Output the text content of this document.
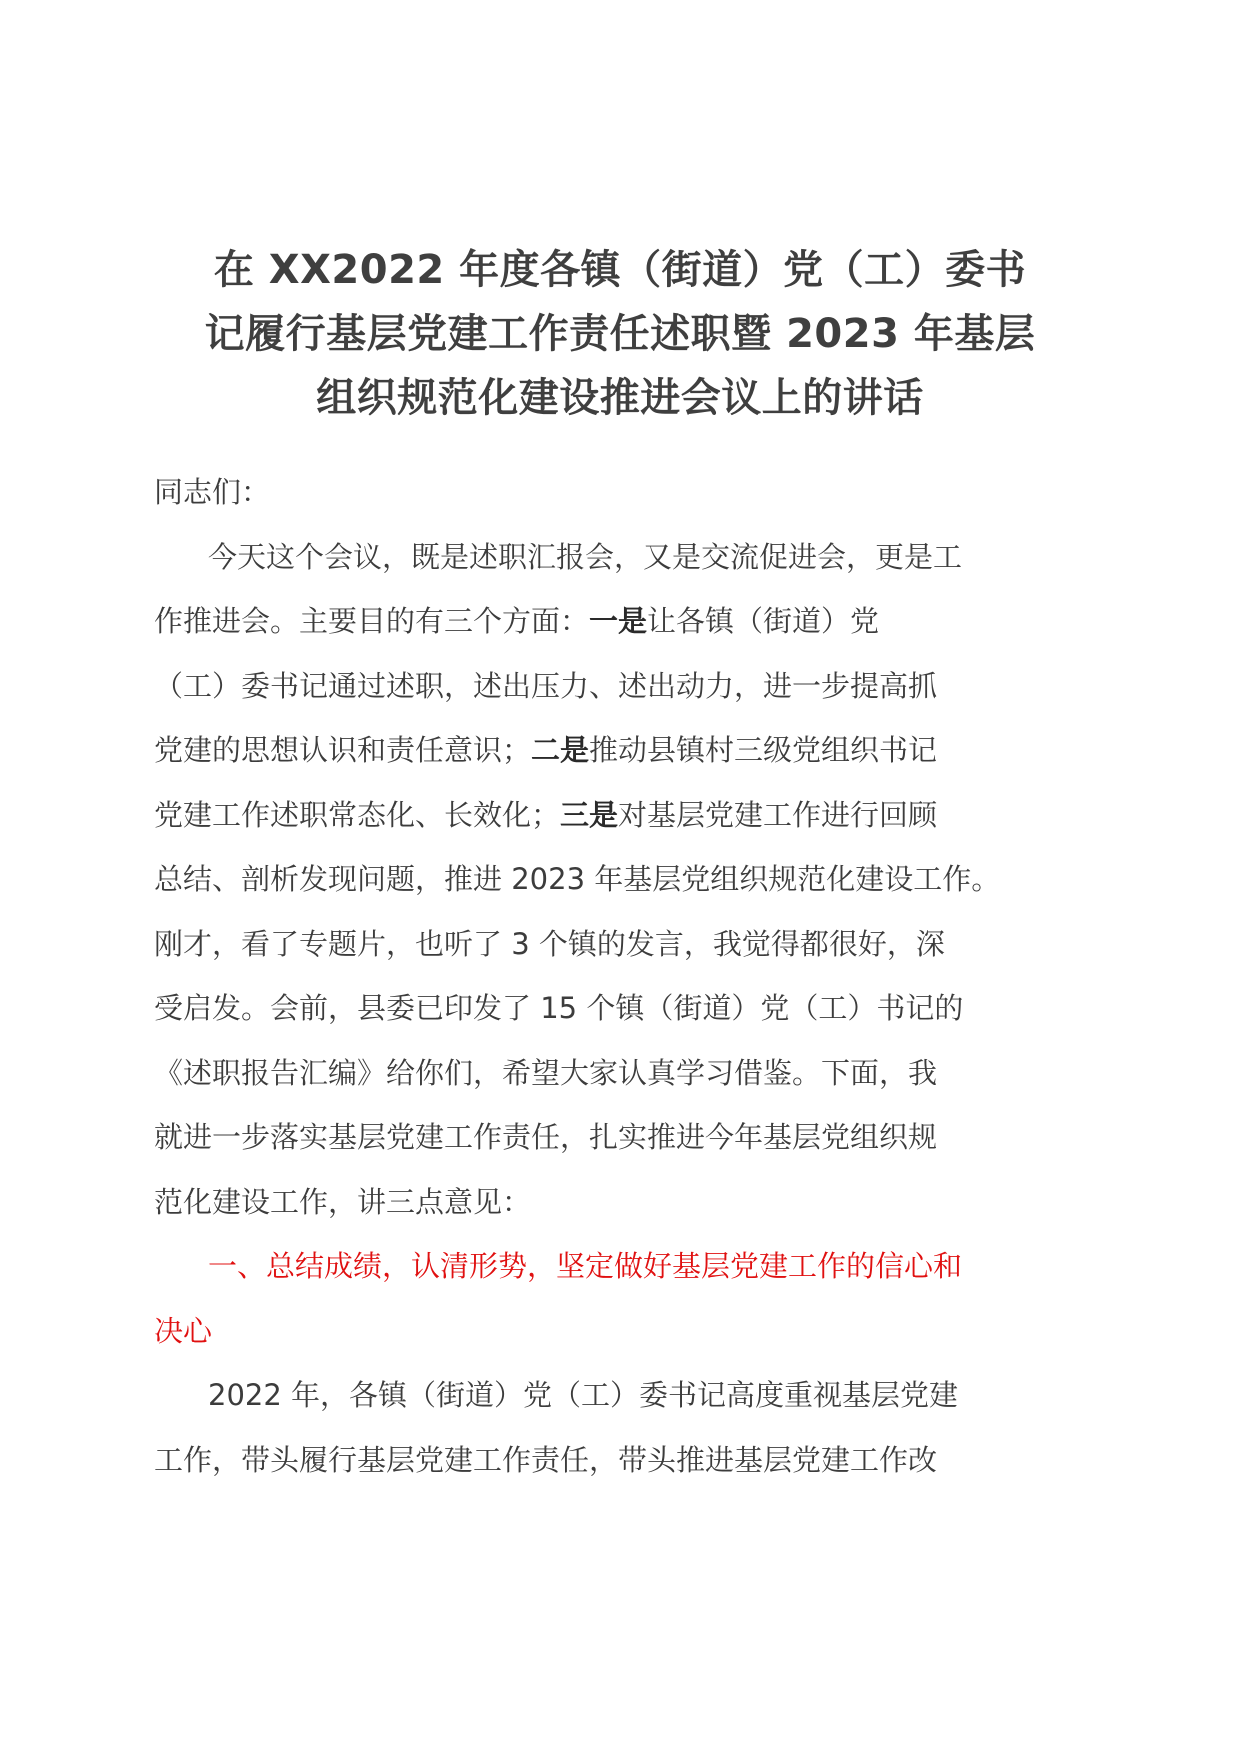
在 XX2022 年度各镇（街道）党（工）委书
记履行基层党建工作责任述职暨 2023 年基层
组织规范化建设推进会议上的讲话
同志们：
今天这个会议，既是述职汇报会，又是交流促进会，更是工
作推进会。主要目的有三个方面：一是让各镇（街道）党
（工）委书记通过述职，述出压力、述出动力，进一步提高抓
党建的思想认识和责任意识；二是推动县镇村三级党组织书记
党建工作述职常态化、长效化；三是对基层党建工作进行回顾
总结、剖析发现问题，推进 2023 年基层党组织规范化建设工作。
刚才，看了专题片，也听了 3 个镇的发言，我觉得都很好，深
受启发。会前，县委已印发了 15 个镇（街道）党（工）书记的
《述职报告汇编》给你们，希望大家认真学习借鉴。下面，我
就进一步落实基层党建工作责任，扎实推进今年基层党组织规
范化建设工作，讲三点意见：
一、总结成绩，认清形势，坚定做好基层党建工作的信心和
决心
2022 年，各镇（街道）党（工）委书记高度重视基层党建
工作，带头履行基层党建工作责任，带头推进基层党建工作改
